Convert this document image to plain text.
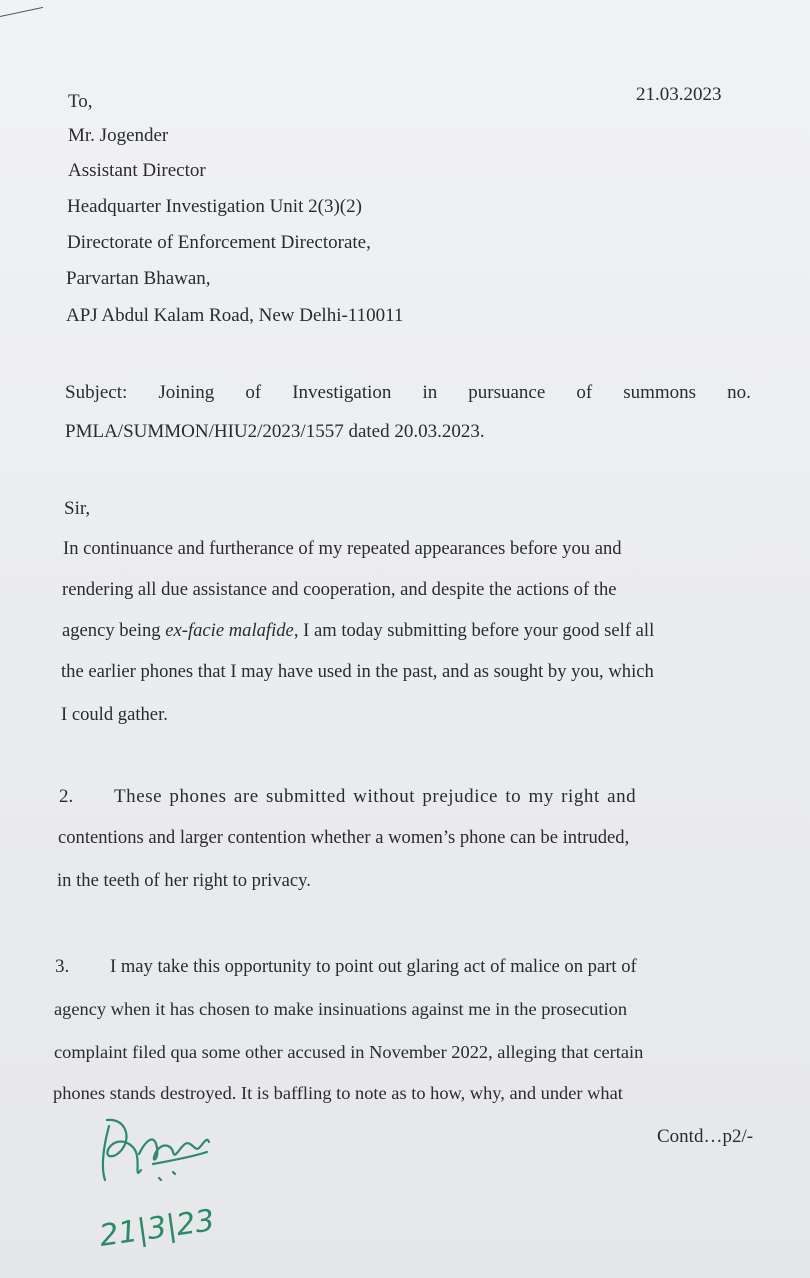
21.03.2023
To,
Mr. Jogender
Assistant Director
Headquarter Investigation Unit 2(3)(2)
Directorate of Enforcement Directorate,
Parvartan Bhawan,
APJ Abdul Kalam Road, New Delhi-110011
Subject: Joining of Investigation in pursuance of summons no.
PMLA/SUMMON/HIU2/2023/1557 dated 20.03.2023.
Sir,
In continuance and furtherance of my repeated appearances before you and
rendering all due assistance and cooperation, and despite the actions of the
agency being ex-facie malafide, I am today submitting before your good self all
the earlier phones that I may have used in the past, and as sought by you, which
I could gather.
2. These phones are submitted without prejudice to my right and
contentions and larger contention whether a women’s phone can be intruded,
in the teeth of her right to privacy.
3. I may take this opportunity to point out glaring act of malice on part of
agency when it has chosen to make insinuations against me in the prosecution
complaint filed qua some other accused in November 2022, alleging that certain
phones stands destroyed. It is baffling to note as to how, why, and under what
Contd…p2/-
21|3|23
